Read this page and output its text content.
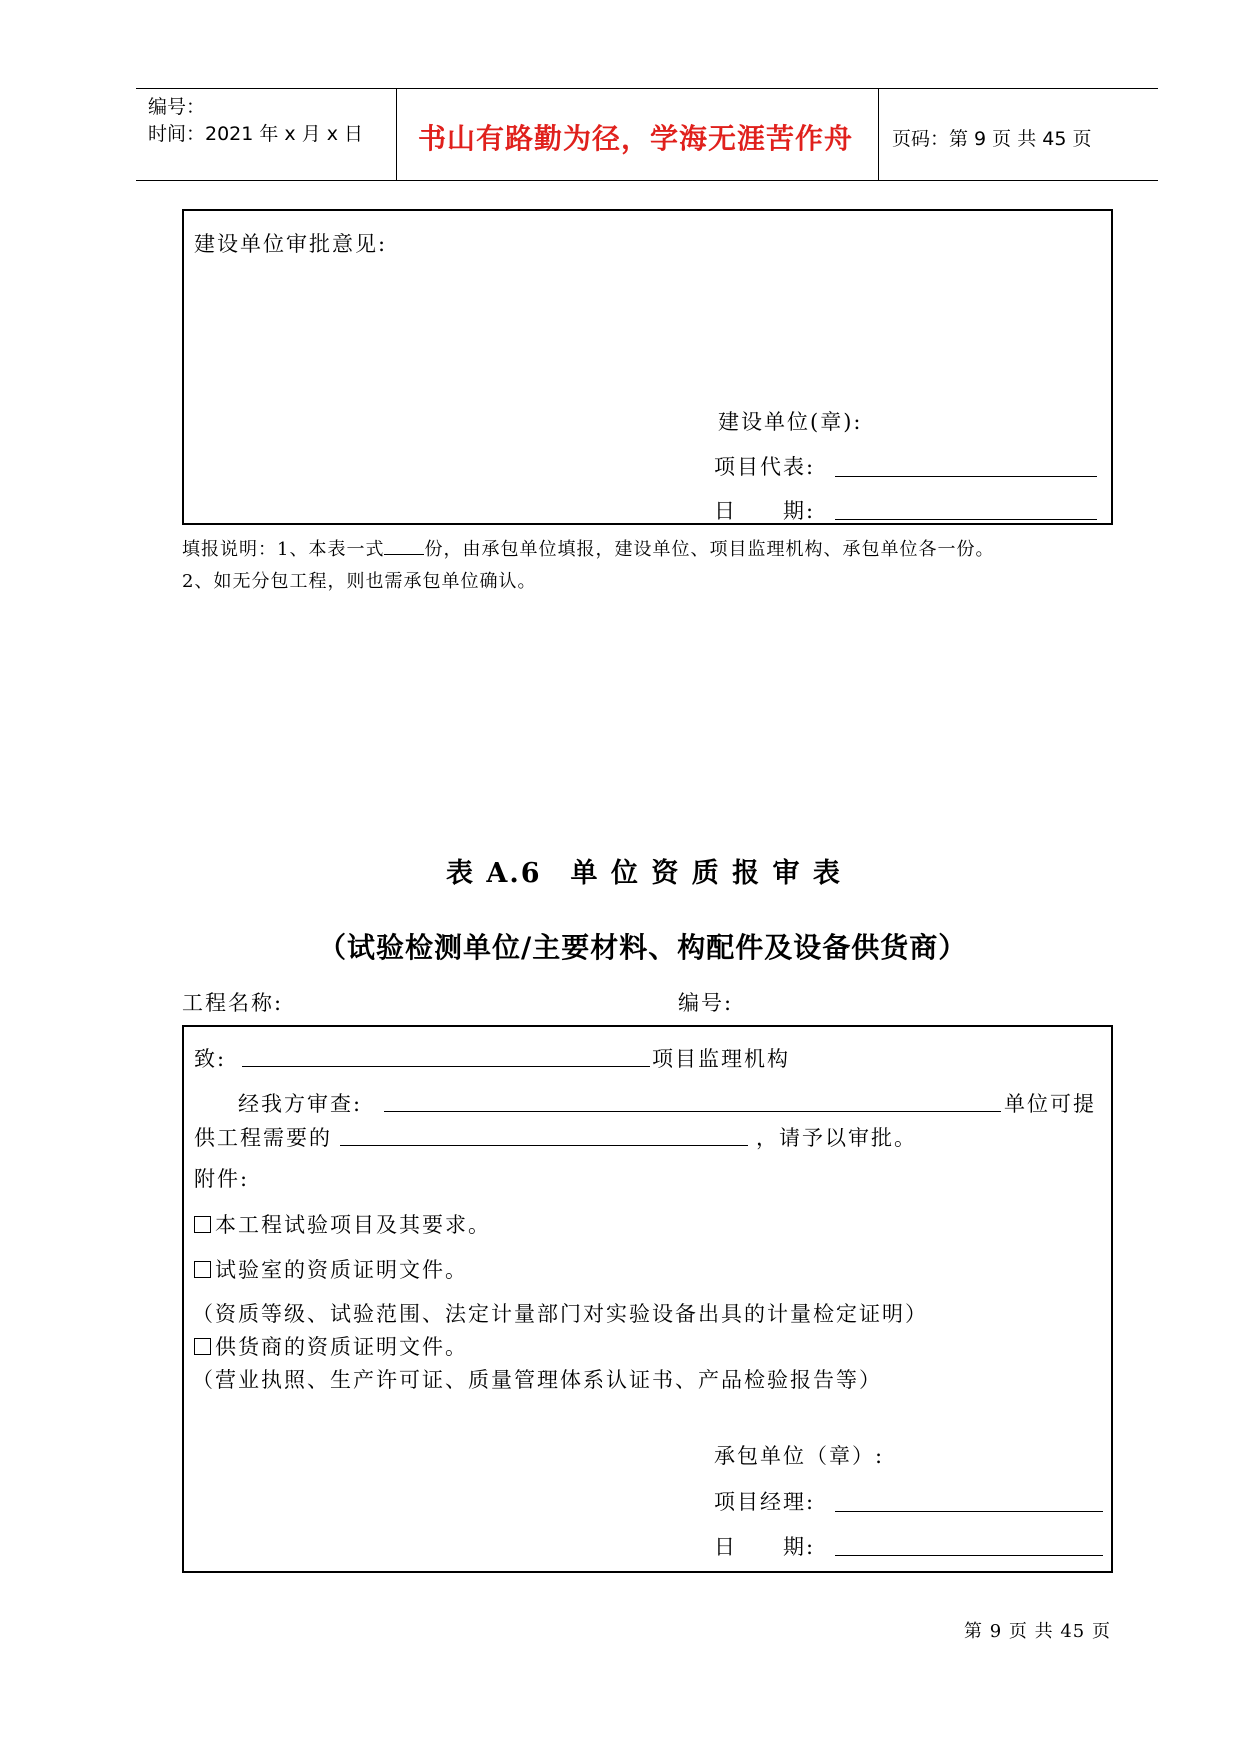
编号：
时间：2021 年 x 月 x 日 书山有路勤为径，学海无涯苦作舟 页码：第 9 页 共 45 页
建设单位审批意见:
建设单位(章):
项目代表:
日　　期:
填报说明：1、本表一式 份，由承包单位填报，建设单位、项目监理机构、承包单位各一份。
2、如无分包工程，则也需承包单位确认。
表 A.6　单 位 资 质 报 审 表
（试验检测单位/主要材料、构配件及设备供货商）
工程名称:	编号:
致:	项目监理机构
经我方审查:	单位可提
供工程需要的	，请予以审批。
附件:
本工程试验项目及其要求。
试验室的资质证明文件。
（资质等级、试验范围、法定计量部门对实验设备出具的计量检定证明）
供货商的资质证明文件。
（营业执照、生产许可证、质量管理体系认证书、产品检验报告等）
承包单位（章）:
项目经理:
日　　期:
第 9 页 共 45 页
